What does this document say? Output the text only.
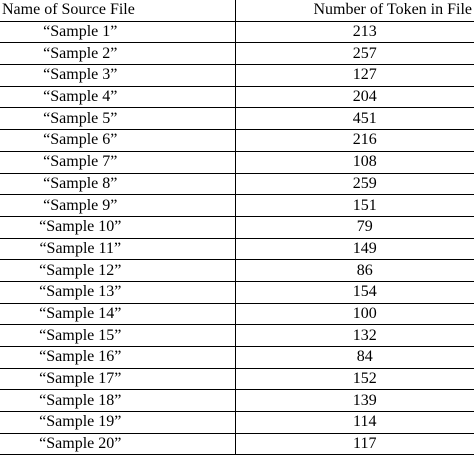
Name of Source File	Number of Token in File
“Sample 1”	213
“Sample 2”	257
“Sample 3”	127
“Sample 4”	204
“Sample 5”	451
“Sample 6”	216
“Sample 7”	108
“Sample 8”	259
“Sample 9”	151
“Sample 10”	79
“Sample 11”	149
“Sample 12”	86
“Sample 13”	154
“Sample 14”	100
“Sample 15”	132
“Sample 16”	84
“Sample 17”	152
“Sample 18”	139
“Sample 19”	114
“Sample 20”	117
